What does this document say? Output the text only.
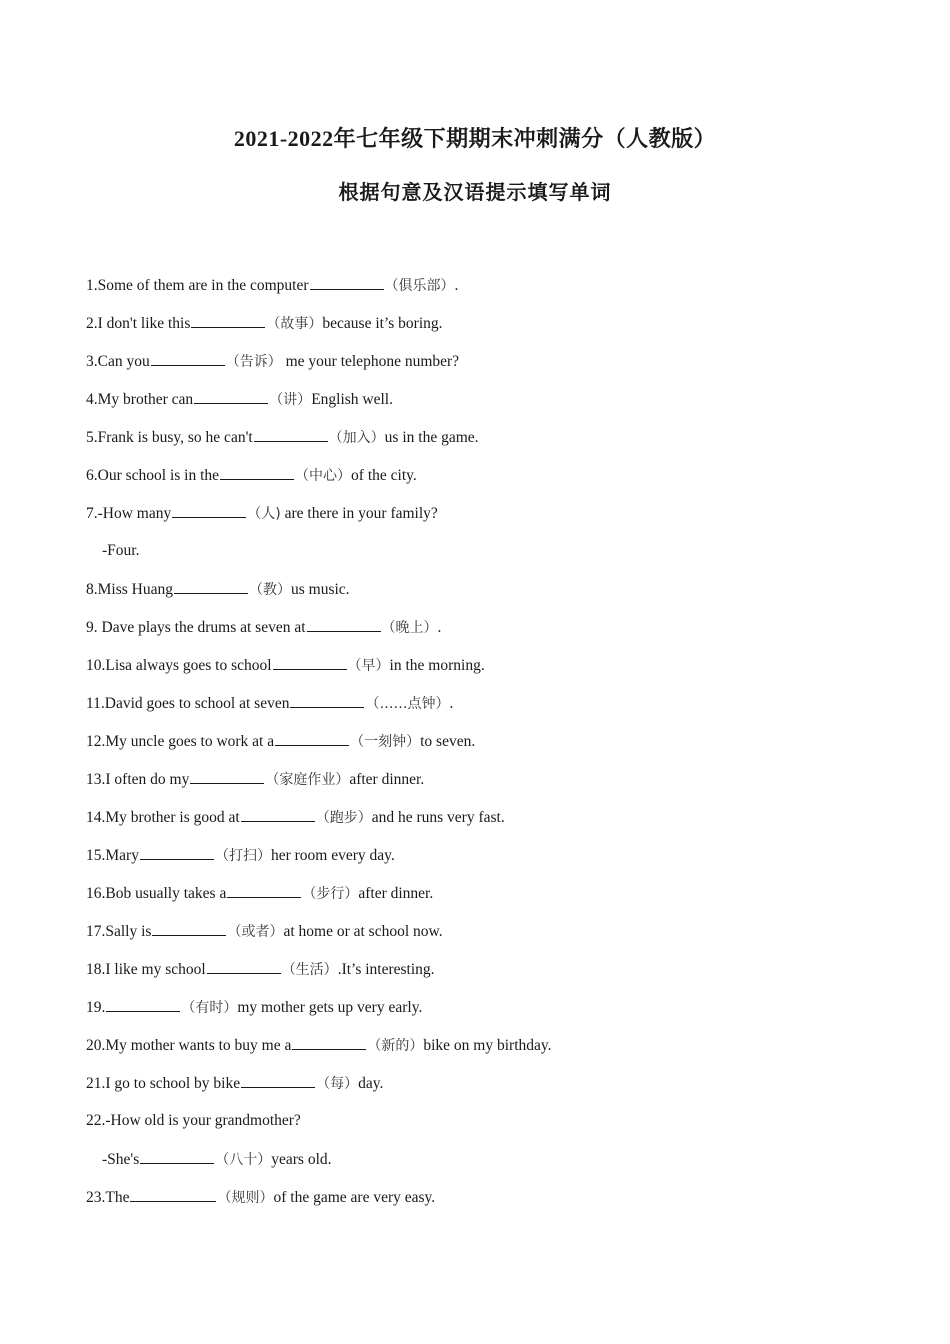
2021-2022年七年级下期期末冲刺满分（人教版）
根据句意及汉语提示填写单词
1.Some of them are in the computer	（俱乐部）.
2.I don't like this	（故事）because it’s boring.
3.Can you	（告诉） me your telephone number?
4.My brother can	（讲）English well.
5.Frank is busy, so he can't	（加入）us in the game.
6.Our school is in the	（中心）of the city.
7.-How many	（人) are there in your family?
-Four.
8.Miss Huang	（教）us music.
9. Dave plays the drums at seven at	（晚上）.
10.Lisa always goes to school	（早）in the morning.
11.David goes to school at seven	（……点钟）.
12.My uncle goes to work at a	（一刻钟）to seven.
13.I often do my	（家庭作业）after dinner.
14.My brother is good at	（跑步）and he runs very fast.
15.Mary	（打扫）her room every day.
16.Bob usually takes a	（步行）after dinner.
17.Sally is	（或者）at home or at school now.
18.I like my school	（生活）.It’s interesting.
19.	（有时）my mother gets up very early.
20.My mother wants to buy me a	（新的）bike on my birthday.
21.I go to school by bike	（每）day.
22.-How old is your grandmother?
-She's	（八十）years old.
23.The	（规则）of the game are very easy.
